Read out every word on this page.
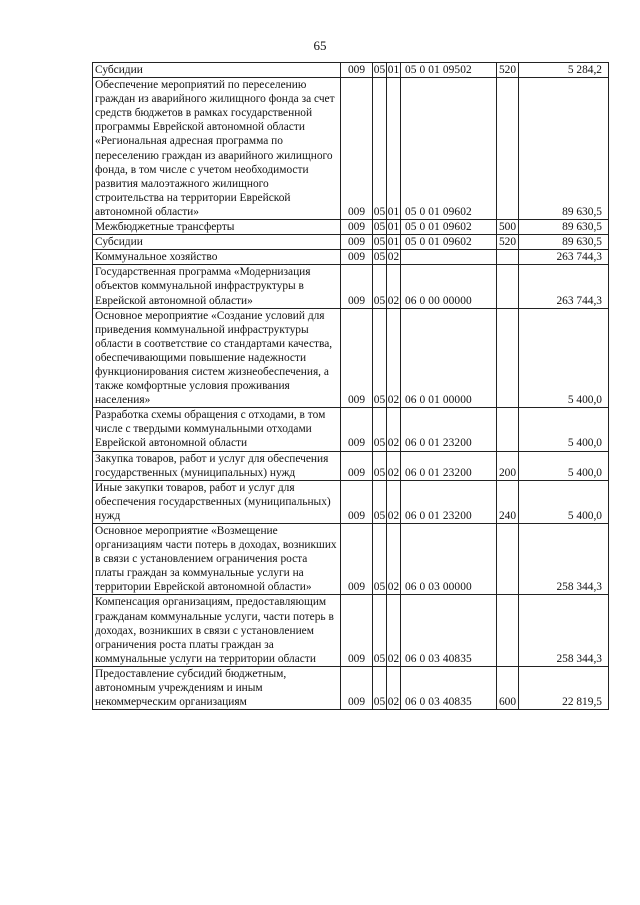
65
Субсидии	009	05	01	05 0 01 09502	520	5 284,2
Обеспечение мероприятий по переселению граждан из аварийного жилищного фонда за счет средств бюджетов в рамках государственной программы Еврейской автономной области «Региональная адресная программа по переселению граждан из аварийного жилищного фонда, в том числе с учетом необходимости развития малоэтажного жилищного строительства на территории Еврейской автономной области»	009	05	01	05 0 01 09602		89 630,5
Межбюджетные трансферты	009	05	01	05 0 01 09602	500	89 630,5
Субсидии	009	05	01	05 0 01 09602	520	89 630,5
Коммунальное хозяйство	009	05	02			263 744,3
Государственная программа «Модернизация объектов коммунальной инфраструктуры в Еврейской автономной области»	009	05	02	06 0 00 00000		263 744,3
Основное мероприятие «Создание условий для приведения коммунальной инфраструктуры области в соответствие со стандартами качества, обеспечивающими повышение надежности функционирования систем жизнеобеспечения, а также комфортные условия проживания населения»	009	05	02	06 0 01 00000		5 400,0
Разработка схемы обращения с отходами, в том числе с твердыми коммунальными отходами Еврейской автономной области	009	05	02	06 0 01 23200		5 400,0
Закупка товаров, работ и услуг для обеспечения государственных (муниципальных) нужд	009	05	02	06 0 01 23200	200	5 400,0
Иные закупки товаров, работ и услуг для обеспечения государственных (муниципальных) нужд	009	05	02	06 0 01 23200	240	5 400,0
Основное мероприятие «Возмещение организациям части потерь в доходах, возникших в связи с установлением ограничения роста платы граждан за коммунальные услуги на территории Еврейской автономной области»	009	05	02	06 0 03 00000		258 344,3
Компенсация организациям, предоставляющим гражданам коммунальные услуги, части потерь в доходах, возникших в связи с установлением ограничения роста платы граждан за коммунальные услуги на территории области	009	05	02	06 0 03 40835		258 344,3
Предоставление субсидий бюджетным, автономным учреждениям и иным некоммерческим организациям	009	05	02	06 0 03 40835	600	22 819,5
